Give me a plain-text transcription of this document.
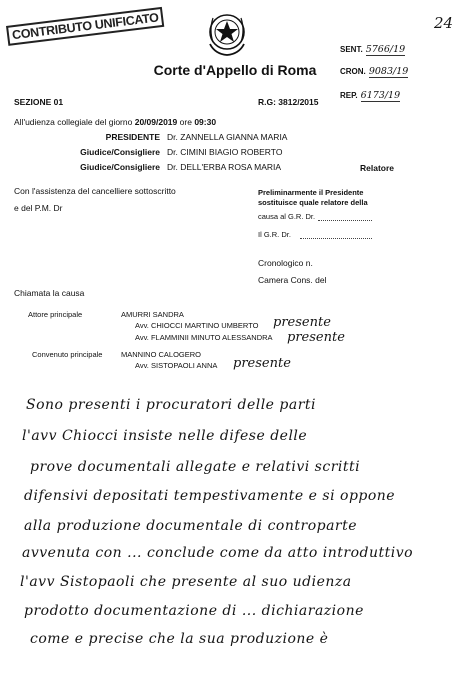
CONTRIBUTO UNIFICATO	24
SENT. 5766/19
CRON. 9083/19
REP. 6173/19
Corte d'Appello di Roma
SEZIONE 01	R.G: 3812/2015
All'udienza collegiale del giorno 20/09/2019 ore 09:30
PRESIDENTE Dr. ZANNELLA GIANNA MARIA
Giudice/Consigliere Dr. CIMINI BIAGIO ROBERTO
Giudice/Consigliere Dr. DELL'ERBA ROSA MARIA	Relatore
Con l'assistenza del cancelliere sottoscritto
e del P.M. Dr
Preliminarmente il Presidente
sostituisce quale relatore della
causa al G.R. Dr.
Il G.R. Dr.
Cronologico n.
Camera Cons. del
Chiamata la causa
Attore principale	AMURRI SANDRA
Avv. CHIOCCI MARTINO UMBERTO presente
Avv. FLAMMINII MINUTO ALESSANDRA presente
Convenuto principale MANNINO CALOGERO
Avv. SISTOPAOLI ANNA presente
Sono presenti i procuratori delle parti
l'avv Chiocci insiste nelle difese delle
prove documentali allegate e relativi scritti
difensivi depositati tempestivamente e si oppone
alla produzione documentale di controparte
avvenuta con ... conclude come da atto introduttivo
l'avv Sistopaoli che presente al suo udienza
prodotto documentazione di ... dichiarazione
come e precise che la sua produzione è
